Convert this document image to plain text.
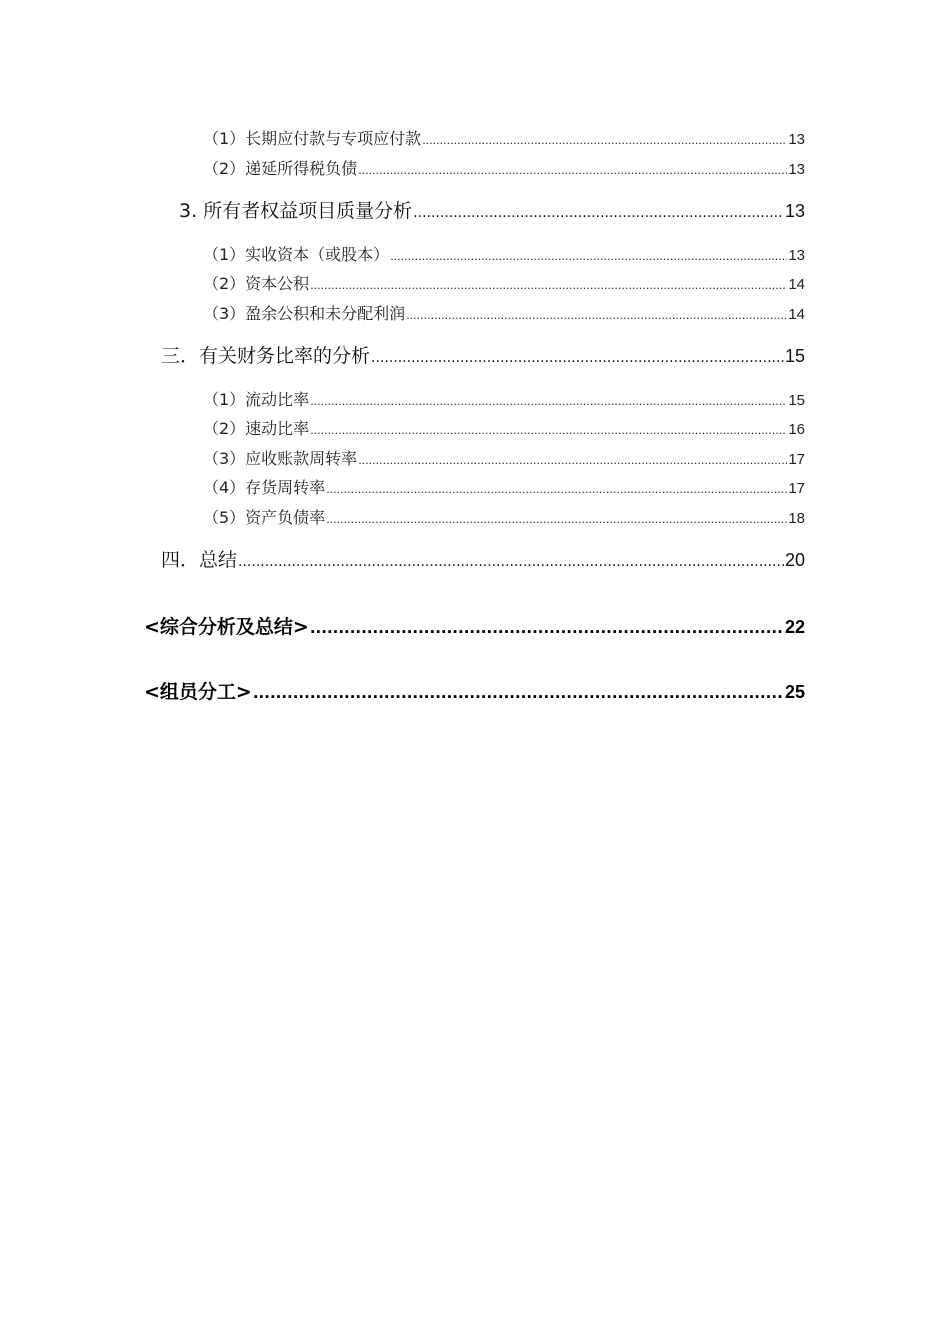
（1）长期应付款与专项应付款 .....	13
（2）递延所得税负债 .....	13
3. 所有者权益项目质量分析 .....	13
（1）实收资本（或股本） .....	13
（2）资本公积 .....	14
（3）盈余公积和未分配利润 .....	14
三．有关财务比率的分析 .....	15
（1）流动比率 .....	15
（2）速动比率 .....	16
（3）应收账款周转率 .....	17
（4）存货周转率 .....	17
（5）资产负债率 .....	18
四．总结 .....	20
<综合分析及总结> .....	22
<组员分工> .....	25
